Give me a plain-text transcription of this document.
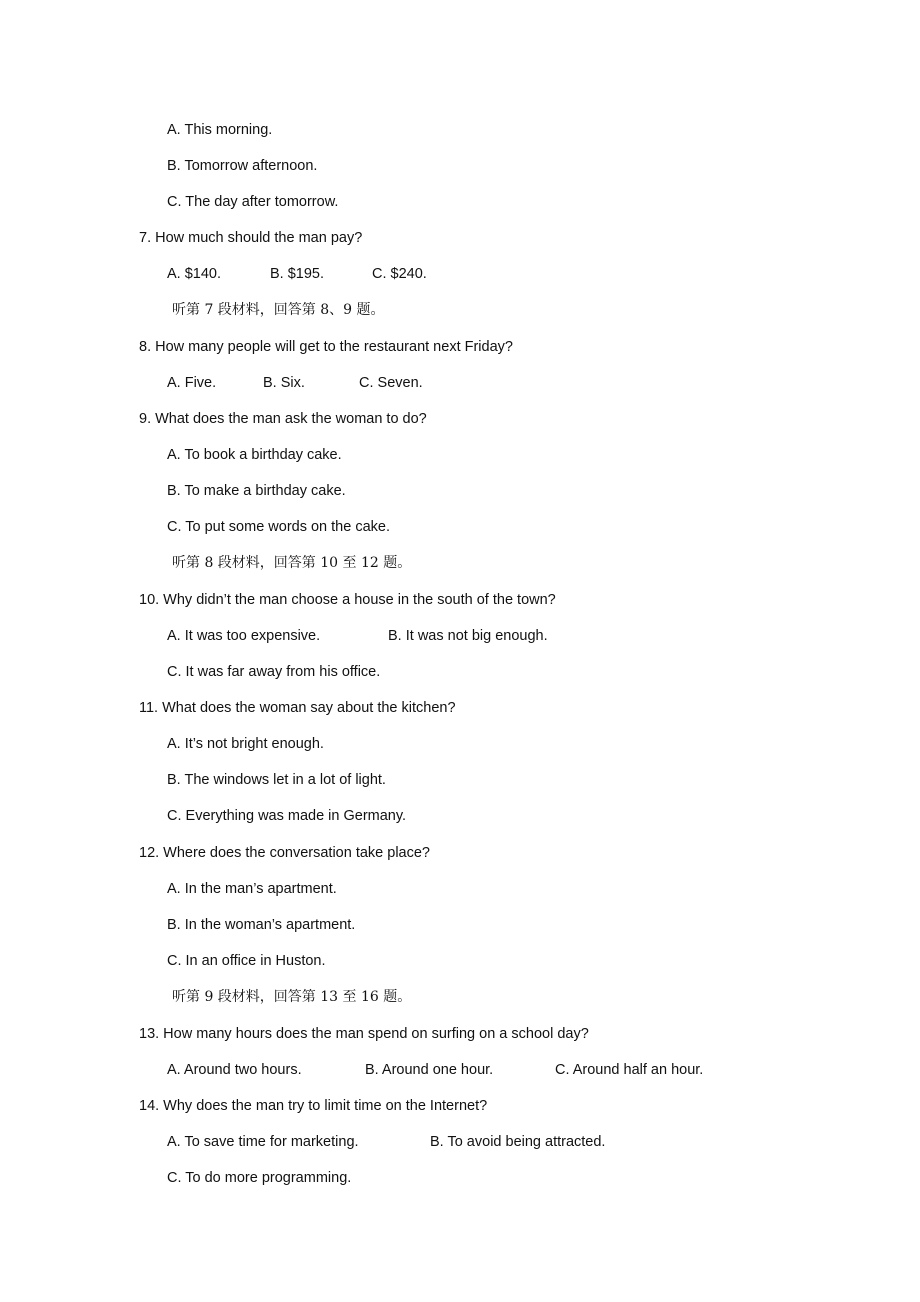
A. This morning.
B. Tomorrow afternoon.
C. The day after tomorrow.
7. How much should the man pay?
A. $140.	B. $195.	C. $240.
听第 7 段材料，回答第 8、9 题。
8. How many people will get to the restaurant next Friday?
A. Five.	B. Six.	C. Seven.
9. What does the man ask the woman to do?
A. To book a birthday cake.
B. To make a birthday cake.
C. To put some words on the cake.
听第 8 段材料，回答第 10 至 12 题。
10. Why didn’t the man choose a house in the south of the town?
A. It was too expensive.	B. It was not big enough.
C. It was far away from his office.
11. What does the woman say about the kitchen?
A. It’s not bright enough.
B. The windows let in a lot of light.
C. Everything was made in Germany.
12. Where does the conversation take place?
A. In the man’s apartment.
B. In the woman’s apartment.
C. In an office in Huston.
听第 9 段材料，回答第 13 至 16 题。
13. How many hours does the man spend on surfing on a school day?
A. Around two hours.	B. Around one hour.	C. Around half an hour.
14. Why does the man try to limit time on the Internet?
A. To save time for marketing.	B. To avoid being attracted.
C. To do more programming.
